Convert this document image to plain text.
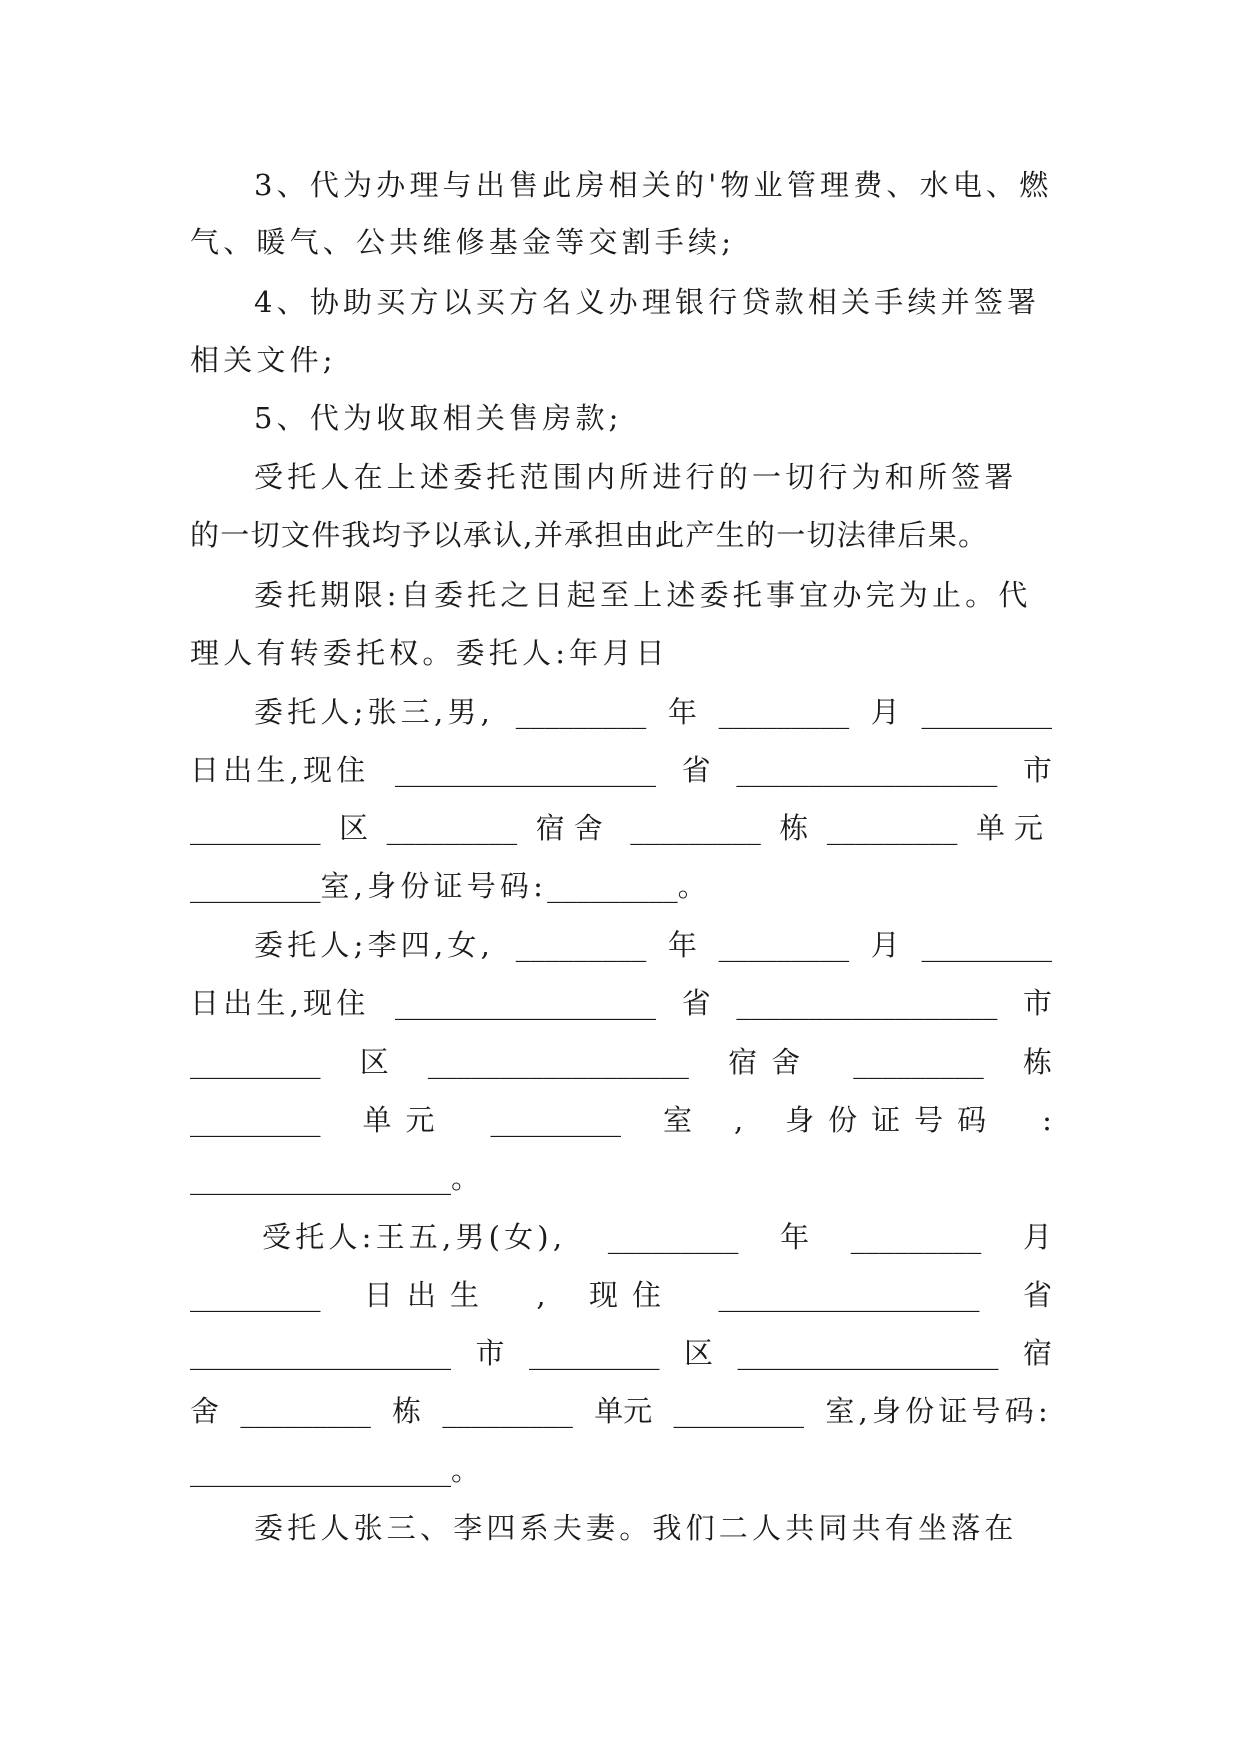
3、代为办理与出售此房相关的'物业管理费、水电、燃
气、暖气、公共维修基金等交割手续;
4、协助买方以买方名义办理银行贷款相关手续并签署
相关文件;
5、代为收取相关售房款;
受托人在上述委托范围内所进行的一切行为和所签署
的一切文件我均予以承认,并承担由此产生的一切法律后果。
委托期限:自委托之日起至上述委托事宜办完为止。代
理人有转委托权。委托人:年月日
委托人;张三,男, _________ 年 _________ 月 _________
日出生,现住 __________________ 省 __________________ 市
_________ 区 _________ 宿舍 _________ 栋 _________ 单元
_________室,身份证号码:_________。
委托人;李四,女, _________ 年 _________ 月 _________
日出生,现住 __________________ 省 __________________ 市
_________ 区 __________________ 宿舍 _________ 栋
_________ 单元 _________ 室 , 身份证号码 :
__________________。
受托人:王五,男(女), _________ 年 _________ 月
_________ 日出生 , 现住 __________________ 省
__________________ 市 _________ 区 __________________ 宿
舍 _________ 栋 _________ 单元 _________ 室,身份证号码:
__________________。
委托人张三、李四系夫妻。我们二人共同共有坐落在
